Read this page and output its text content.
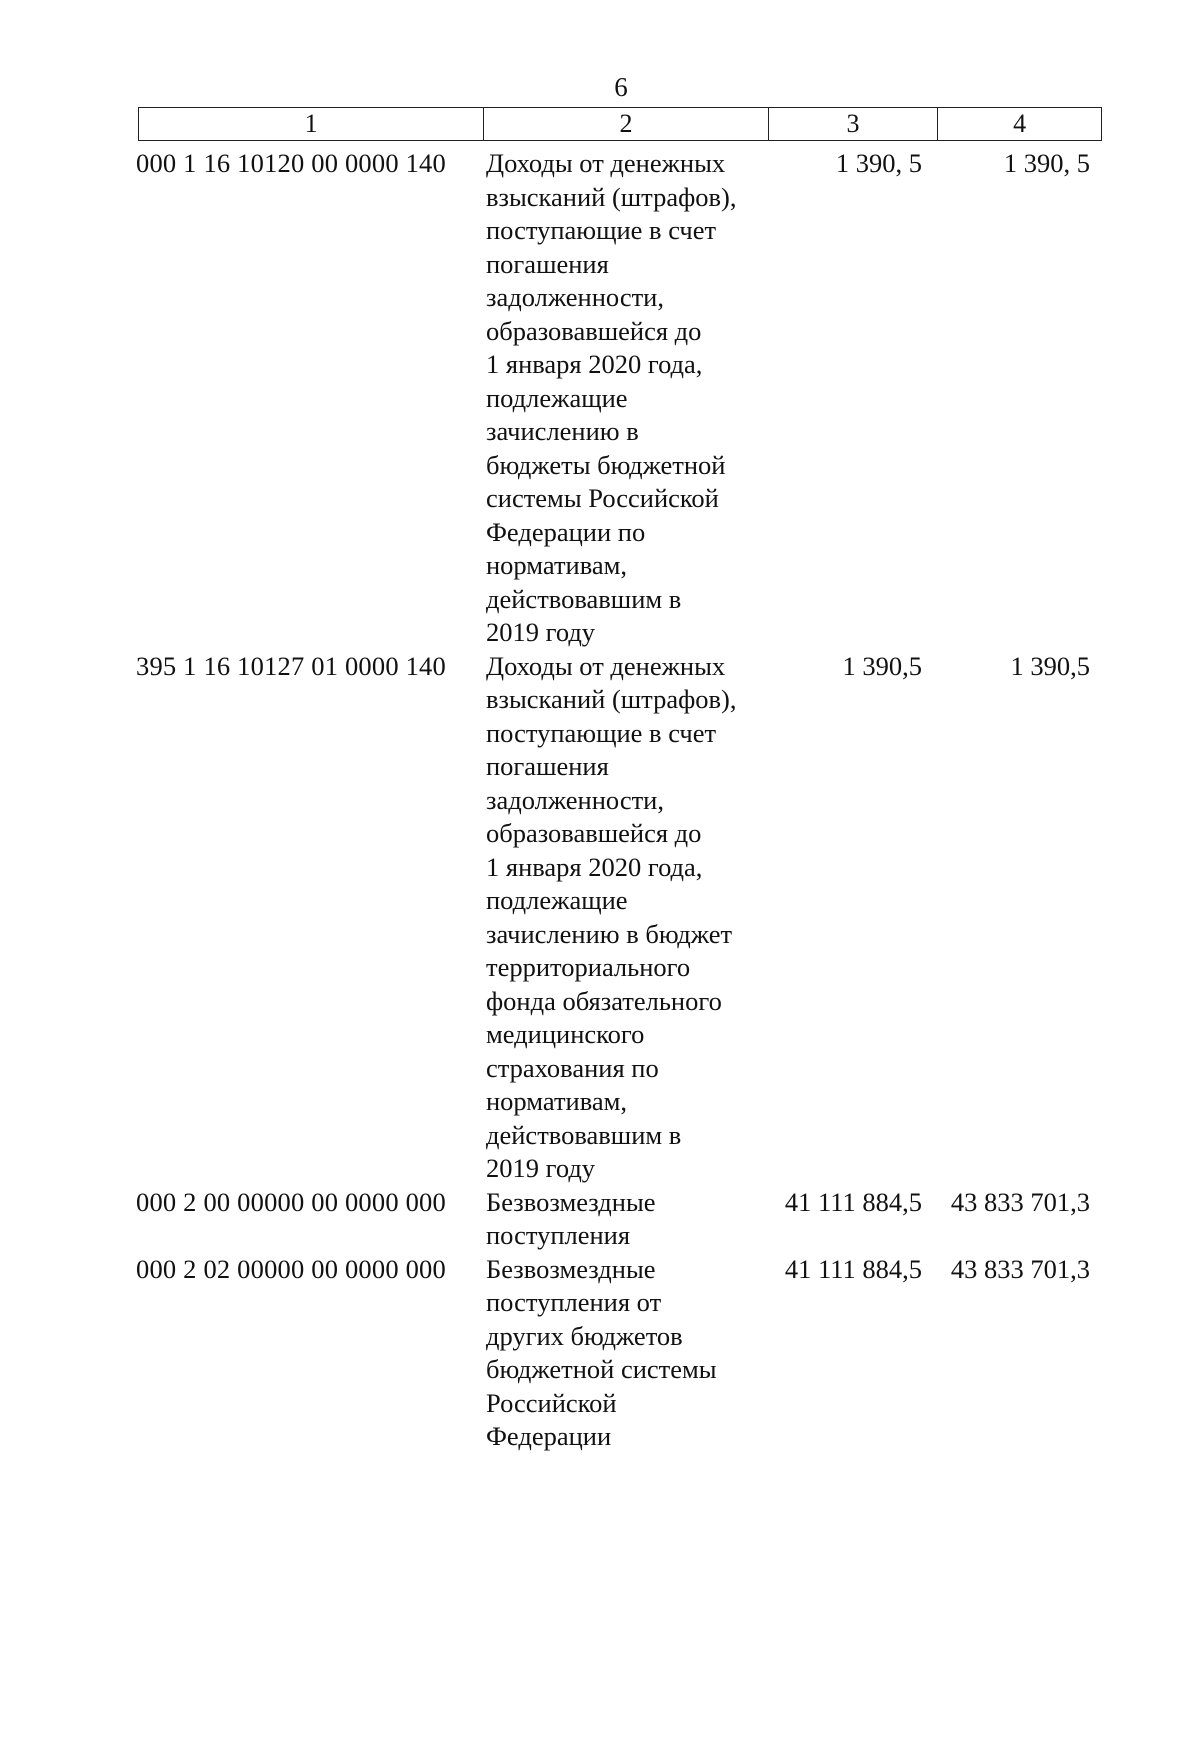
6
1	2	3	4
000 1 16 10120 00 0000 140	Доходы от денежных
взысканий (штрафов),
поступающие в счет
погашения
задолженности,
образовавшейся до
1 января 2020 года,
подлежащие
зачислению в
бюджеты бюджетной
системы Российской
Федерации по
нормативам,
действовавшим в
2019 году
1 390, 5	1 390, 5
395 1 16 10127 01 0000 140	Доходы от денежных
взысканий (штрафов),
поступающие в счет
погашения
задолженности,
образовавшейся до
1 января 2020 года,
подлежащие
зачислению в бюджет
территориального
фонда обязательного
медицинского
страхования по
нормативам,
действовавшим в
2019 году
1 390,5	1 390,5
000 2 00 00000 00 0000 000	Безвозмездные
поступления
41 111 884,5	43 833 701,3
000 2 02 00000 00 0000 000	Безвозмездные
поступления от
других бюджетов
бюджетной системы
Российской
Федерации
41 111 884,5	43 833 701,3
